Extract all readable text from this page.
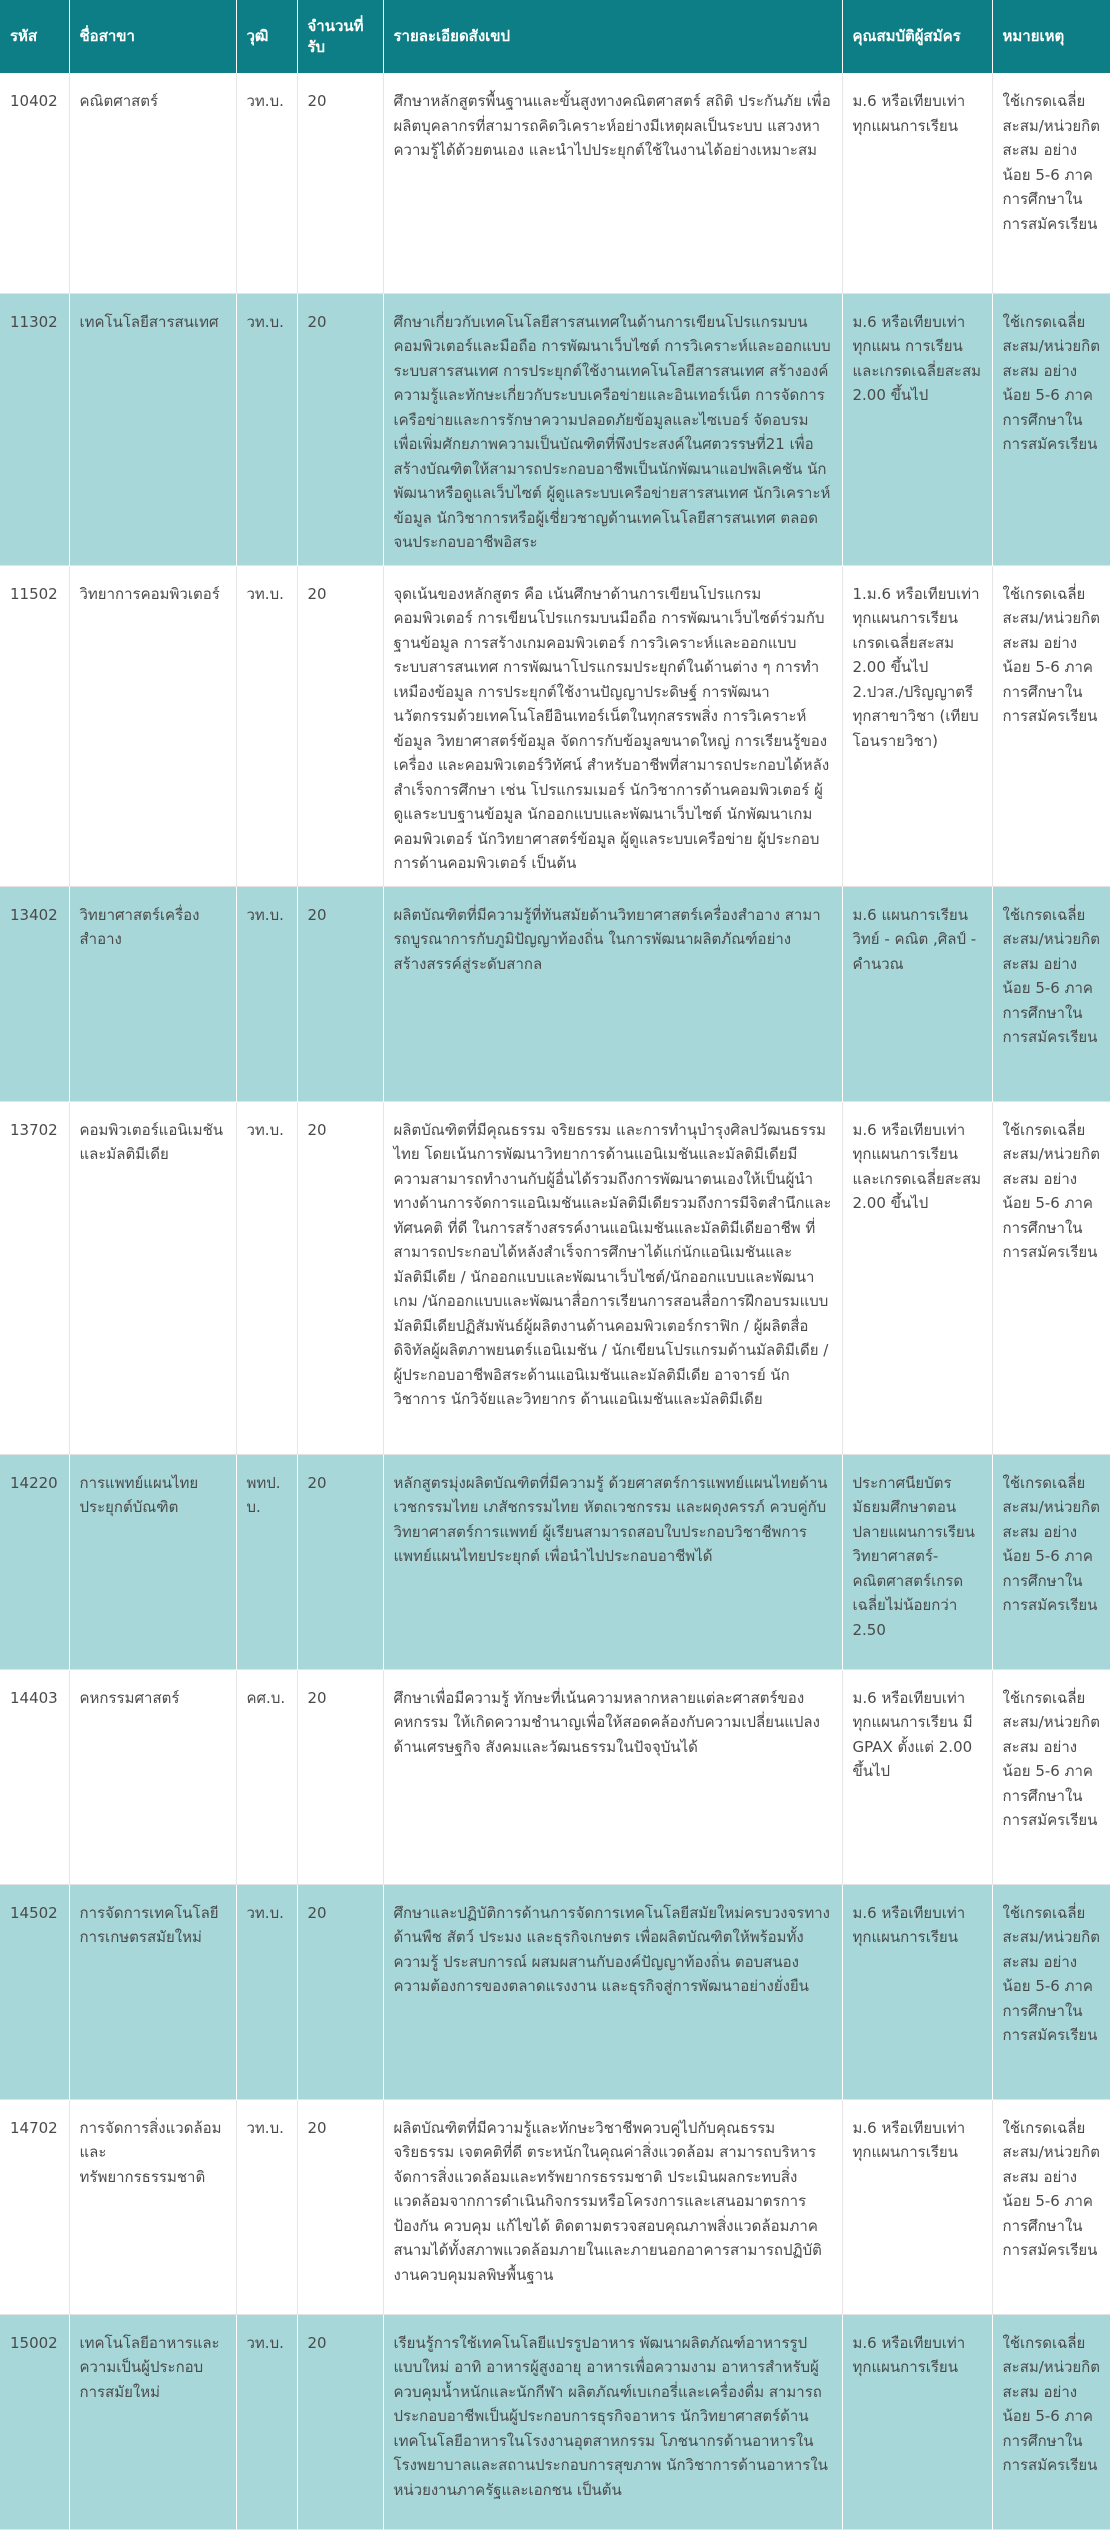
รหัส	ชื่อสาขา	วุฒิ	จำนวนที่รับ	รายละเอียดสังเขป	คุณสมบัติผู้สมัคร	หมายเหตุ
10402	คณิตศาสตร์	วท.บ.	20	ศึกษาหลักสูตรพื้นฐานและขั้นสูงทางคณิตศาสตร์ สถิติ ประกันภัย เพื่อผลิตบุคลากรที่สามารถคิดวิเคราะห์อย่างมีเหตุผลเป็นระบบ แสวงหาความรู้ได้ด้วยตนเอง และนำไปประยุกต์ใช้ในงานได้อย่างเหมาะสม	ม.6 หรือเทียบเท่า ทุกแผนการเรียน	ใช้เกรดเฉลี่ยสะสม/หน่วยกิตสะสม อย่างน้อย 5-6 ภาคการศึกษาในการสมัครเรียน
11302	เทคโนโลยีสารสนเทศ	วท.บ.	20	ศึกษาเกี่ยวกับเทคโนโลยีสารสนเทศในด้านการเขียนโปรแกรมบนคอมพิวเตอร์และมือถือ การพัฒนาเว็บไซต์ การวิเคราะห์และออกแบบระบบสารสนเทศ การประยุกต์ใช้งานเทคโนโลยีสารสนเทศ สร้างองค์ความรู้และทักษะเกี่ยวกับระบบเครือข่ายและอินเทอร์เน็ต การจัดการเครือข่ายและการรักษาความปลอดภัยข้อมูลและไซเบอร์ จัดอบรมเพื่อเพิ่มศักยภาพความเป็นบัณฑิตที่พึงประสงค์ในศตวรรษที่21 เพื่อสร้างบัณฑิตให้สามารถประกอบอาชีพเป็นนักพัฒนาแอปพลิเคชัน นักพัฒนาหรือดูแลเว็บไซต์ ผู้ดูแลระบบเครือข่ายสารสนเทศ นักวิเคราะห์ข้อมูล นักวิชาการหรือผู้เชี่ยวชาญด้านเทคโนโลยีสารสนเทศ ตลอดจนประกอบอาชีพอิสระ	ม.6 หรือเทียบเท่า ทุกแผน การเรียน และเกรดเฉลี่ยสะสม 2.00 ขึ้นไป	ใช้เกรดเฉลี่ยสะสม/หน่วยกิตสะสม อย่างน้อย 5-6 ภาคการศึกษาในการสมัครเรียน
11502	วิทยาการคอมพิวเตอร์	วท.บ.	20	จุดเน้นของหลักสูตร คือ เน้นศึกษาด้านการเขียนโปรแกรมคอมพิวเตอร์ การเขียนโปรแกรมบนมือถือ การพัฒนาเว็บไซต์ร่วมกับฐานข้อมูล การสร้างเกมคอมพิวเตอร์ การวิเคราะห์และออกแบบระบบสารสนเทศ การพัฒนาโปรแกรมประยุกต์ในด้านต่าง ๆ การทำเหมืองข้อมูล การประยุกต์ใช้งานปัญญาประดิษฐ์ การพัฒนานวัตกรรมด้วยเทคโนโลยีอินเทอร์เน็ตในทุกสรรพสิ่ง การวิเคราะห์ข้อมูล วิทยาศาสตร์ข้อมูล จัดการกับข้อมูลขนาดใหญ่ การเรียนรู้ของเครื่อง และคอมพิวเตอร์วิทัศน์ สำหรับอาชีพที่สามารถประกอบได้หลังสำเร็จการศึกษา เช่น โปรแกรมเมอร์ นักวิชาการด้านคอมพิวเตอร์ ผู้ดูแลระบบฐานข้อมูล นักออกแบบและพัฒนาเว็บไซต์ นักพัฒนาเกมคอมพิวเตอร์ นักวิทยาศาสตร์ข้อมูล ผู้ดูแลระบบเครือข่าย ผู้ประกอบการด้านคอมพิวเตอร์ เป็นต้น	1.ม.6 หรือเทียบเท่า ทุกแผนการเรียน เกรดเฉลี่ยสะสม 2.00 ขึ้นไป 2.ปวส./ปริญญาตรี ทุกสาขาวิชา (เทียบโอนรายวิชา)	ใช้เกรดเฉลี่ยสะสม/หน่วยกิตสะสม อย่างน้อย 5-6 ภาคการศึกษาในการสมัครเรียน
13402	วิทยาศาสตร์เครื่องสำอาง	วท.บ.	20	ผลิตบัณฑิตที่มีความรู้ที่ทันสมัยด้านวิทยาศาสตร์เครื่องสำอาง สามารถบูรณาการกับภูมิปัญญาท้องถิ่น ในการพัฒนาผลิตภัณฑ์อย่างสร้างสรรค์สู่ระดับสากล	ม.6 แผนการเรียนวิทย์ - คณิต ,ศิลป์ - คำนวณ	ใช้เกรดเฉลี่ยสะสม/หน่วยกิตสะสม อย่างน้อย 5-6 ภาคการศึกษาในการสมัครเรียน
13702	คอมพิวเตอร์แอนิเมชันและมัลติมีเดีย	วท.บ.	20	ผลิตบัณฑิตที่มีคุณธรรม จริยธรรม และการทำนุบำรุงศิลปวัฒนธรรมไทย โดยเน้นการพัฒนาวิทยาการด้านแอนิเมชันและมัลติมีเดียมีความสามารถทำงานกับผู้อื่นได้รวมถึงการพัฒนาตนเองให้เป็นผู้นำทางด้านการจัดการแอนิเมชันและมัลติมีเดียรวมถึงการมีจิตสำนึกและทัศนคติ ที่ดี ในการสร้างสรรค์งานแอนิเมชันและมัลติมีเดียอาชีพ ที่สามารถประกอบได้หลังสำเร็จการศึกษาได้แก่นักแอนิเมชันและมัลติมีเดีย / นักออกแบบและพัฒนาเว็บไซต์/นักออกแบบและพัฒนาเกม /นักออกแบบและพัฒนาสื่อการเรียนการสอนสื่อการฝึกอบรมแบบมัลติมีเดียปฏิสัมพันธ์ผู้ผลิตงานด้านคอมพิวเตอร์กราฟิก / ผู้ผลิตสื่อดิจิทัลผู้ผลิตภาพยนตร์แอนิเมชัน / นักเขียนโปรแกรมด้านมัลติมีเดีย / ผู้ประกอบอาชีพอิสระด้านแอนิเมชันและมัลติมีเดีย อาจารย์ นักวิชาการ นักวิจัยและวิทยากร ด้านแอนิเมชันและมัลติมีเดีย	ม.6 หรือเทียบเท่า ทุกแผนการเรียน และเกรดเฉลี่ยสะสม 2.00 ขึ้นไป	ใช้เกรดเฉลี่ยสะสม/หน่วยกิตสะสม อย่างน้อย 5-6 ภาคการศึกษาในการสมัครเรียน
14220	การแพทย์แผนไทยประยุกต์บัณฑิต	พทป.บ.	20	หลักสูตรมุ่งผลิตบัณฑิตที่มีความรู้ ด้วยศาสตร์การแพทย์แผนไทยด้านเวชกรรมไทย เภสัชกรรมไทย หัตถเวชกรรม และผดุงครรภ์ ควบคู่กับวิทยาศาสตร์การแพทย์ ผู้เรียนสามารถสอบใบประกอบวิชาชีพการแพทย์แผนไทยประยุกต์ เพื่อนำไปประกอบอาชีพได้	ประกาศนียบัตรมัธยมศึกษาตอนปลายแผนการเรียนวิทยาศาสตร์-คณิตศาสตร์เกรดเฉลี่ยไม่น้อยกว่า 2.50	ใช้เกรดเฉลี่ยสะสม/หน่วยกิตสะสม อย่างน้อย 5-6 ภาคการศึกษาในการสมัครเรียน
14403	คหกรรมศาสตร์	คศ.บ.	20	ศึกษาเพื่อมีความรู้ ทักษะที่เน้นความหลากหลายแต่ละศาสตร์ของคหกรรม ให้เกิดความชำนาญเพื่อให้สอดคล้องกับความเปลี่ยนแปลงด้านเศรษฐกิจ สังคมและวัฒนธรรมในปัจจุบันได้	ม.6 หรือเทียบเท่า ทุกแผนการเรียน มี GPAX ตั้งแต่ 2.00 ขึ้นไป	ใช้เกรดเฉลี่ยสะสม/หน่วยกิตสะสม อย่างน้อย 5-6 ภาคการศึกษาในการสมัครเรียน
14502	การจัดการเทคโนโลยีการเกษตรสมัยใหม่	วท.บ.	20	ศึกษาและปฏิบัติการด้านการจัดการเทคโนโลยีสมัยใหม่ครบวงจรทางด้านพืช สัตว์ ประมง และธุรกิจเกษตร เพื่อผลิตบัณฑิตให้พร้อมทั้งความรู้ ประสบการณ์ ผสมผสานกับองค์ปัญญาท้องถิ่น ตอบสนองความต้องการของตลาดแรงงาน และธุรกิจสู่การพัฒนาอย่างยั่งยืน	ม.6 หรือเทียบเท่า ทุกแผนการเรียน	ใช้เกรดเฉลี่ยสะสม/หน่วยกิตสะสม อย่างน้อย 5-6 ภาคการศึกษาในการสมัครเรียน
14702	การจัดการสิ่งแวดล้อมและทรัพยากรธรรมชาติ	วท.บ.	20	ผลิตบัณฑิตที่มีความรู้และทักษะวิชาชีพควบคู่ไปกับคุณธรรมจริยธรรม เจตคติที่ดี ตระหนักในคุณค่าสิ่งแวดล้อม สามารถบริหารจัดการสิ่งแวดล้อมและทรัพยากรธรรมชาติ ประเมินผลกระทบสิ่งแวดล้อมจากการดำเนินกิจกรรมหรือโครงการและเสนอมาตรการป้องกัน ควบคุม แก้ไขได้ ติดตามตรวจสอบคุณภาพสิ่งแวดล้อมภาคสนามได้ทั้งสภาพแวดล้อมภายในและภายนอกอาคารสามารถปฏิบัติงานควบคุมมลพิษพื้นฐาน	ม.6 หรือเทียบเท่า ทุกแผนการเรียน	ใช้เกรดเฉลี่ยสะสม/หน่วยกิตสะสม อย่างน้อย 5-6 ภาคการศึกษาในการสมัครเรียน
15002	เทคโนโลยีอาหารและความเป็นผู้ประกอบการสมัยใหม่	วท.บ.	20	เรียนรู้การใช้เทคโนโลยีแปรรูปอาหาร พัฒนาผลิตภัณฑ์อาหารรูปแบบใหม่ อาทิ อาหารผู้สูงอายุ อาหารเพื่อความงาม อาหารสำหรับผู้ควบคุมน้ำหนักและนักกีฬา ผลิตภัณฑ์เบเกอรี่และเครื่องดื่ม สามารถประกอบอาชีพเป็นผู้ประกอบการธุรกิจอาหาร นักวิทยาศาสตร์ด้านเทคโนโลยีอาหารในโรงงานอุตสาหกรรม โภชนากรด้านอาหารในโรงพยาบาลและสถานประกอบการสุขภาพ นักวิชาการด้านอาหารในหน่วยงานภาครัฐและเอกชน เป็นต้น	ม.6 หรือเทียบเท่า ทุกแผนการเรียน	ใช้เกรดเฉลี่ยสะสม/หน่วยกิตสะสม อย่างน้อย 5-6 ภาคการศึกษาในการสมัครเรียน
